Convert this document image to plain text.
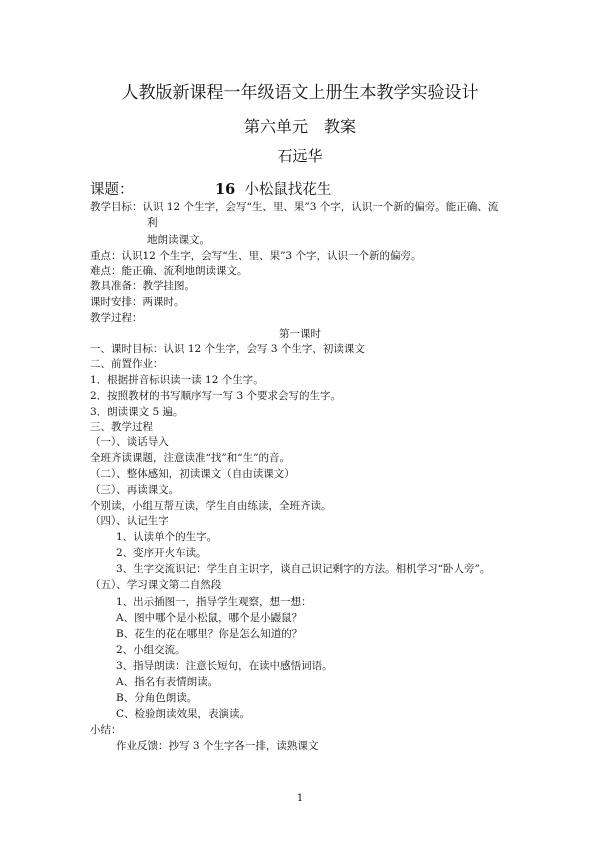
人教版新课程一年级语文上册生本教学实验设计
第六单元　教案
石远华
课题：	16 小松鼠找花生
教学目标：认识 12 个生字，会写“生、里、果”3 个字，认识一个新的偏旁。能正确、流
利
地朗读课文。
重点：认识12 个生字，会写“生、里、果”3 个字，认识一个新的偏旁。
难点：能正确、流利地朗读课文。
教具准备：教学挂图。
课时安排：两课时。
教学过程：
第一课时
一、课时目标：认识 12 个生字，会写 3 个生字，初读课文
二、前置作业：
1．根据拼音标识读一读 12 个生字。
2．按照教材的书写顺序写一写 3 个要求会写的生字。
3．朗读课文 5 遍。
三、教学过程
（一）、谈话导入
全班齐读课题，注意读准“找”和“生”的音。
（二）、整体感知，初读课文（自由读课文）
（三）、再读课文。
个别读，小组互帮互读，学生自由练读，全班齐读。
（四）、认记生字
1、认读单个的生字。
2、变序开火车读。
3、生字交流识记：学生自主识字，谈自己识记剩字的方法。相机学习“卧人旁”。
（五）、学习课文第二自然段
1、出示插图一，指导学生观察，想一想：
A、图中哪个是小松鼠，哪个是小鼹鼠？
B、花生的花在哪里？你是怎么知道的？
2、小组交流。
3、指导朗读：注意长短句，在读中感悟词语。
A、指名有表情朗读。
B、分角色朗读。
C、检验朗读效果，表演读。
小结：
作业反馈：抄写 3 个生字各一排，读熟课文
1
